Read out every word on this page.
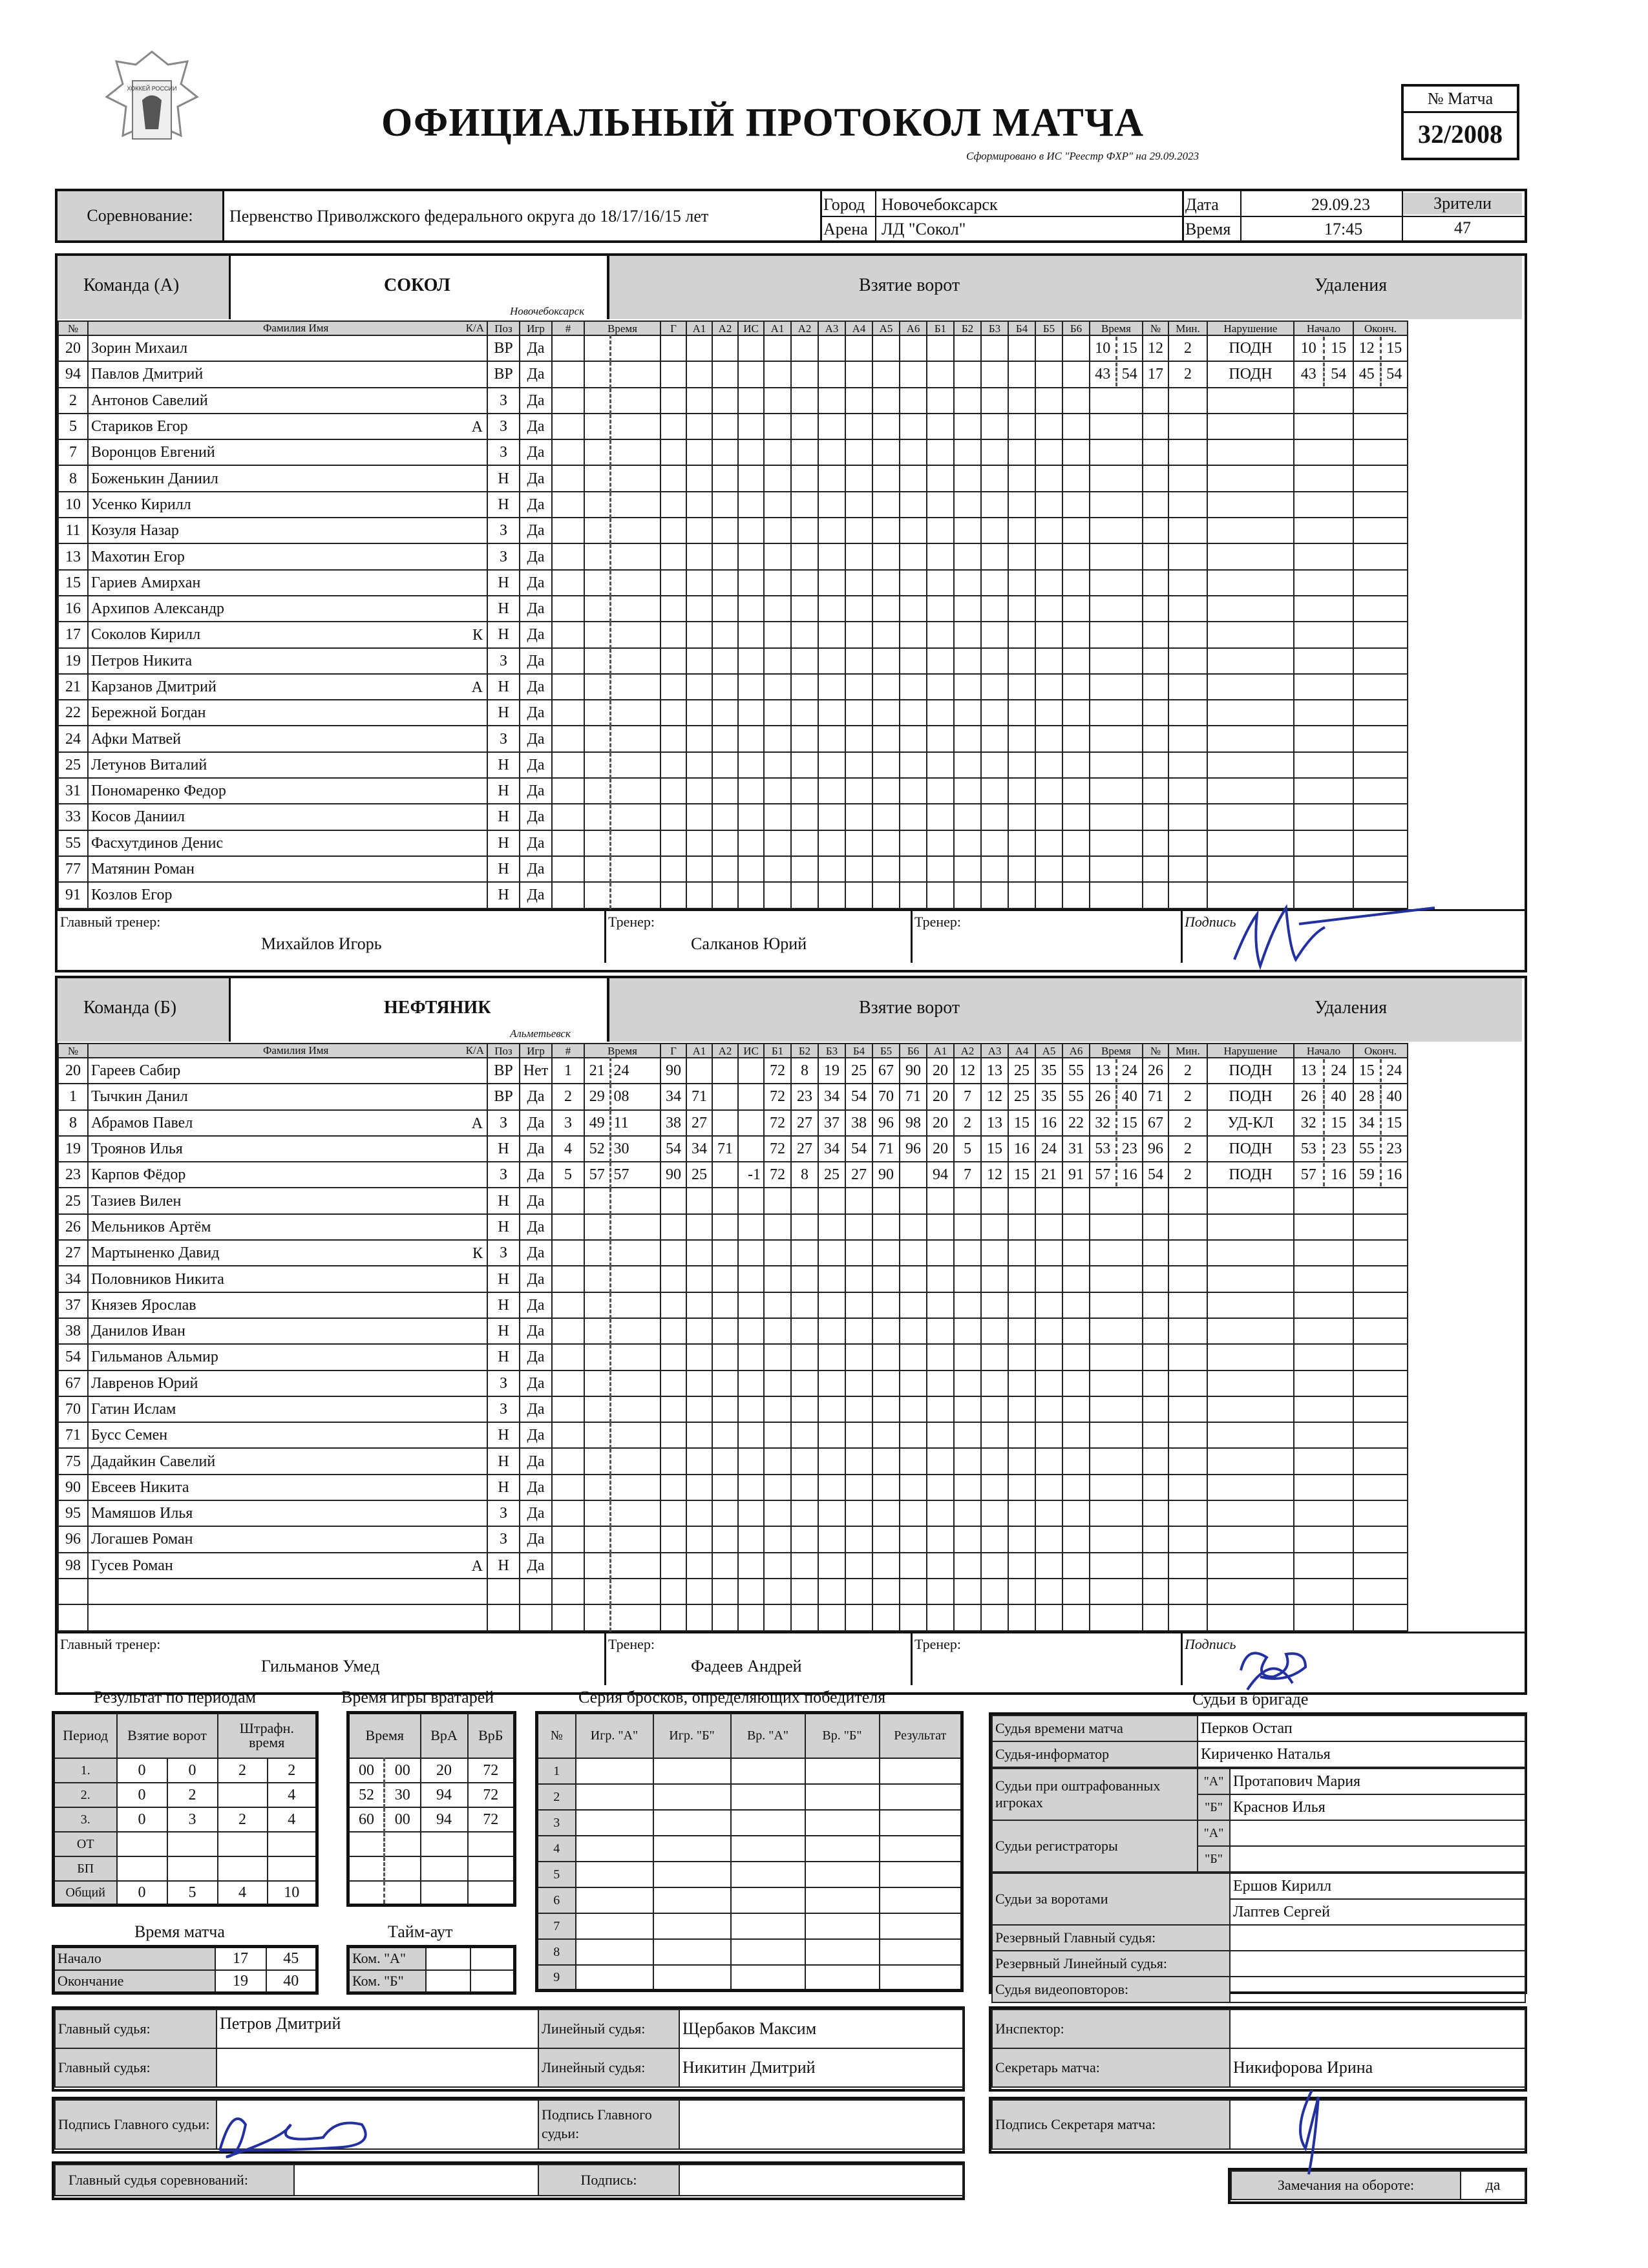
ХОККЕЙ РОССИИ
ОФИЦИАЛЬНЫЙ ПРОТОКОЛ МАТЧА
Сформировано в ИС "Реестр ФХР" на 29.09.2023
№ Матча
32/2008
Соревнование:	Первенство Приволжского федерального округа до 18/17/16/15 лет
Город Новочебоксарск
Арена ЛД "Сокол"
Дата	29.09.23
Время	17:45
Зрители
47
Команда (А)	СОКОЛ
Новочебоксарск
Взятие ворот	Удаления
№	Фамилия Имя К/А	Поз	Игр	#	Время		Г	А1	А2	ИС	А1	А2	А3	А4	А5	А6	Б1	Б2	Б3	Б4	Б5	Б6	Время	№	Мин.	Нарушение	Начало	Оконч.
20	Зорин Михаил	ВР	Да																				10 15	12	2	ПОДН	10 15	12 15

94	Павлов Дмитрий	ВР	Да																				43 54	17	2	ПОДН	43 54	45 54

2	Антонов Савелий	З	Да																				

5	Стариков Егор А	З	Да																				

7	Воронцов Евгений	З	Да																				

8	Боженькин Даниил	Н	Да																				

10	Усенко Кирилл	Н	Да																				

11	Козуля Назар	З	Да																				

13	Махотин Егор	З	Да																				

15	Гариев Амирхан	Н	Да																				

16	Архипов Александр	Н	Да																				

17	Соколов Кирилл К	Н	Да																				

19	Петров Никита	З	Да																				

21	Карзанов Дмитрий А	Н	Да																				

22	Бережной Богдан	Н	Да																				

24	Афки Матвей	З	Да																				

25	Летунов Виталий	Н	Да																				

31	Пономаренко Федор	Н	Да																				

33	Косов Даниил	Н	Да																				

55	Фасхутдинов Денис	Н	Да																				

77	Матянин Роман	Н	Да																				

91	Козлов Егор	Н	Да																				

Главный тренер:
Михайлов Игорь
Тренер:
Салканов Юрий
Тренер:	Подпись
Команда (Б)	НЕФТЯНИК
Альметьевск
Взятие ворот	Удаления
№	Фамилия Имя К/А	Поз	Игр	#	Время		Г	А1	А2	ИС	Б1	Б2	Б3	Б4	Б5	Б6	А1	А2	А3	А4	А5	А6	Время	№	Мин.	Нарушение	Начало	Оконч.
20	Гареев Сабир	ВР	Нет	1	21	24	90				72	8	19	25	67	90	20	12	13	25	35	55	13 24	26	2	ПОДН	13 24	15 24

1	Тычкин Данил	ВР	Да	2	29	08	34	71			72	23	34	54	70	71	20	7	12	25	35	55	26 40	71	2	ПОДН	26 40	28 40

8	Абрамов Павел А	З	Да	3	49	11	38	27			72	27	37	38	96	98	20	2	13	15	16	22	32 15	67	2	УД-КЛ	32 15	34 15

19	Троянов Илья	Н	Да	4	52	30	54	34	71		72	27	34	54	71	96	20	5	15	16	24	31	53 23	96	2	ПОДН	53 23	55 23

23	Карпов Фёдор	З	Да	5	57	57	90	25		-1	72	8	25	27	90		94	7	12	15	21	91	57 16	54	2	ПОДН	57 16	59 16

25	Тазиев Вилен	Н	Да																				

26	Мельников Артём	Н	Да																				

27	Мартыненко Давид К	З	Да																				

34	Половников Никита	Н	Да																				

37	Князев Ярослав	Н	Да																				

38	Данилов Иван	Н	Да																				

54	Гильманов Альмир	Н	Да																				

67	Лавренов Юрий	З	Да																				

70	Гатин Ислам	З	Да																				

71	Бусс Семен	Н	Да																				

75	Дадайкин Савелий	Н	Да																				

90	Евсеев Никита	Н	Да																				

95	Мамяшов Илья	З	Да																				

96	Логашев Роман	З	Да																				

98	Гусев Роман А	Н	Да																				

Главный тренер:
Гильманов Умед
Тренер:
Фадеев Андрей
Тренер:	Подпись
Результат по периодам
Период	Взятие ворот		Штрафн. время	
1.	0	0	2	2
2.	0	2		4
3.	0	3	2	4
ОТ				
БП				
Общий	0	5	4	10
Время игры вратарей
Время		ВрА	ВрБ
00	00	20	72
52	30	94	72
60	00	94	72

Время матча
Начало	17	45
Окончание	19	40
Тайм-аут
Ком. "А"		
Ком. "Б"		
Серия бросков, определяющих победителя
№	Игр. "А"	Игр. "Б"	Вр. "А"	Вр. "Б"	Результат
1					
2					
3					
4					
5					
6					
7					
8					
9					
Судьи в бригаде
Судья времени матча	Перков Остап
Судья-информатор	Кириченко Наталья
Судьи при оштрафованных игроках	"А"	Протапович Мария
	"Б"	Краснов Илья
Судьи регистраторы	"А"	
	"Б"	
Судьи за воротами	Ершов Кирилл
	Лаптев Сергей
Резервный Главный судья:	
Резервный Линейный судья:	
Судья видеоповторов:	
Главный судья:	Петров Дмитрий	Линейный судья:	Щербаков Максим
Главный судья:		Линейный судья:	Никитин Дмитрий
Инспектор:	
Секретарь матча:	Никифорова Ирина
Подпись Главного судьи:		Подпись Главного судьи:	
Подпись Секретаря матча:	
Главный судья соревнований:		Подпись:		Замечания на обороте:	да
